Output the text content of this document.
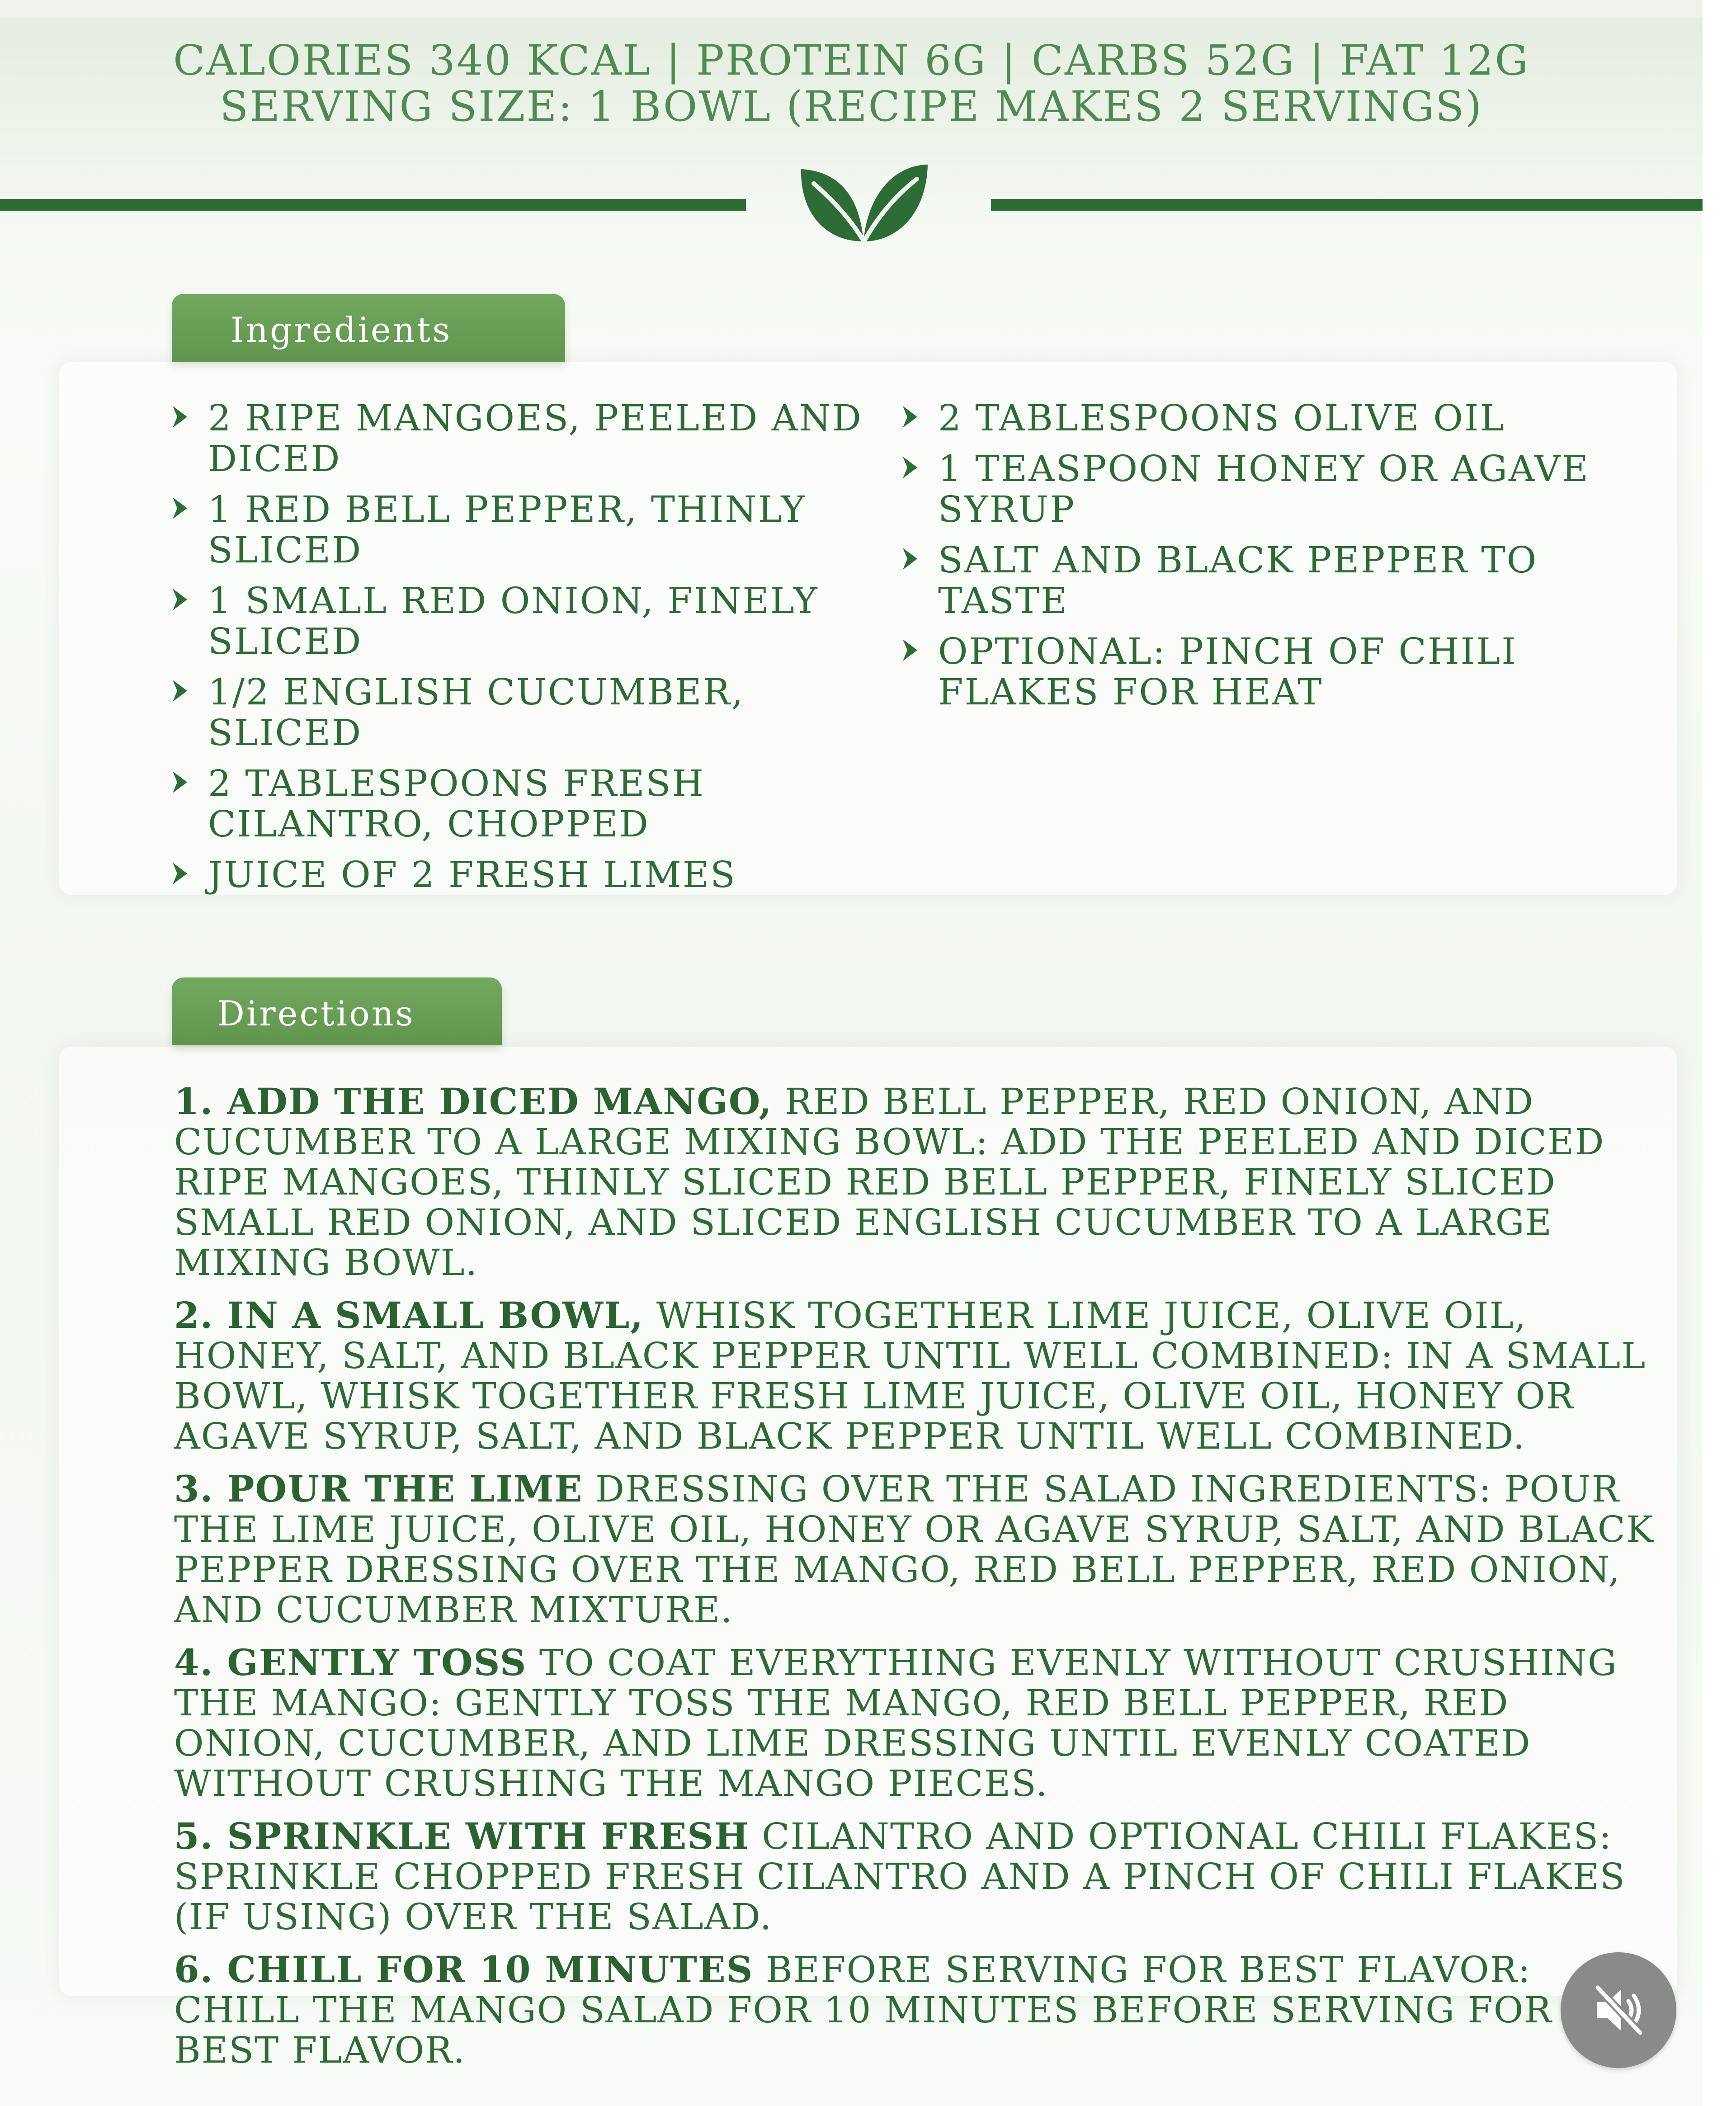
CALORIES 340 KCAL | PROTEIN 6G | CARBS 52G | FAT 12G
SERVING SIZE: 1 BOWL (RECIPE MAKES 2 SERVINGS)
Ingredients
2 RIPE MANGOES, PEELED AND DICED
1 RED BELL PEPPER, THINLY SLICED
1 SMALL RED ONION, FINELY SLICED
1/2 ENGLISH CUCUMBER, SLICED
2 TABLESPOONS FRESH CILANTRO, CHOPPED
JUICE OF 2 FRESH LIMES
2 TABLESPOONS OLIVE OIL
1 TEASPOON HONEY OR AGAVE SYRUP
SALT AND BLACK PEPPER TO TASTE
OPTIONAL: PINCH OF CHILI FLAKES FOR HEAT
Directions
1. ADD THE DICED MANGO, RED BELL PEPPER, RED ONION, AND CUCUMBER TO A LARGE MIXING BOWL: ADD THE PEELED AND DICED RIPE MANGOES, THINLY SLICED RED BELL PEPPER, FINELY SLICED SMALL RED ONION, AND SLICED ENGLISH CUCUMBER TO A LARGE MIXING BOWL.
2. IN A SMALL BOWL, WHISK TOGETHER LIME JUICE, OLIVE OIL, HONEY, SALT, AND BLACK PEPPER UNTIL WELL COMBINED: IN A SMALL BOWL, WHISK TOGETHER FRESH LIME JUICE, OLIVE OIL, HONEY OR AGAVE SYRUP, SALT, AND BLACK PEPPER UNTIL WELL COMBINED.
3. POUR THE LIME DRESSING OVER THE SALAD INGREDIENTS: POUR THE LIME JUICE, OLIVE OIL, HONEY OR AGAVE SYRUP, SALT, AND BLACK PEPPER DRESSING OVER THE MANGO, RED BELL PEPPER, RED ONION, AND CUCUMBER MIXTURE.
4. GENTLY TOSS TO COAT EVERYTHING EVENLY WITHOUT CRUSHING THE MANGO: GENTLY TOSS THE MANGO, RED BELL PEPPER, RED ONION, CUCUMBER, AND LIME DRESSING UNTIL EVENLY COATED WITHOUT CRUSHING THE MANGO PIECES.
5. SPRINKLE WITH FRESH CILANTRO AND OPTIONAL CHILI FLAKES: SPRINKLE CHOPPED FRESH CILANTRO AND A PINCH OF CHILI FLAKES (IF USING) OVER THE SALAD.
6. CHILL FOR 10 MINUTES BEFORE SERVING FOR BEST FLAVOR: CHILL THE MANGO SALAD FOR 10 MINUTES BEFORE SERVING FOR BEST FLAVOR.
